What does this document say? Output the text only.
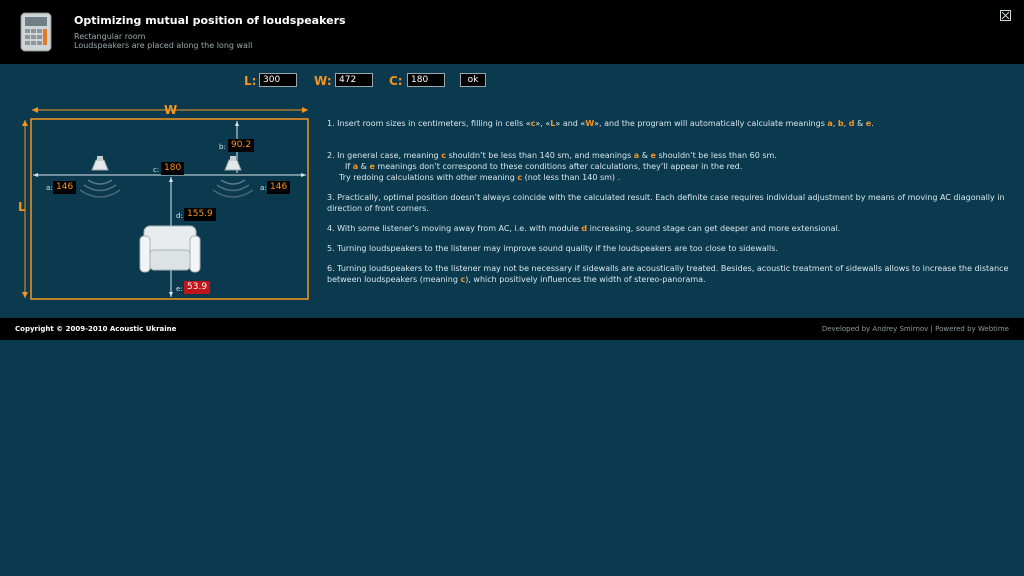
Optimizing mutual position of loudspeakers
Rectangular room
Loudspeakers are placed along the long wall
L:
300	W:
472	C:
180	ok
W
L
a: 146	a: 146
b: 90.2
c: 180
d: 155.9
e: 53.9

1. Insert room sizes in centimeters, filling in cells «c», «L» and «W», and the program will automatically calculate meanings a, b, d & e.

2. In general case, meaning c shouldn’t be less than 140 sm, and meanings a & e shouldn’t be less than 60 sm.

If a & e meanings don’t correspond to these conditions after calculations, they’ll appear in the red.

Try redoing calculations with other meaning c (not less than 140 sm) .

3. Practically, optimal position doesn’t always coincide with the calculated result. Each definite case requires individual adjustment by means of moving AC diagonally in direction of front corners.

4. With some listener’s moving away from AC, i.e. with module d increasing, sound stage can get deeper and more extensional.

5. Turning loudspeakers to the listener may improve sound quality if the loudspeakers are too close to sidewalls.

6. Turning loudspeakers to the listener may not be necessary if sidewalls are acoustically treated. Besides, acoustic treatment of sidewalls allows to increase the distance between loudspeakers (meaning c), which positively influences the width of stereo-panorama.

Copyright © 2009-2010 Acoustic Ukraine	Developed by Andrey Smirnov | Powered by Webtime
